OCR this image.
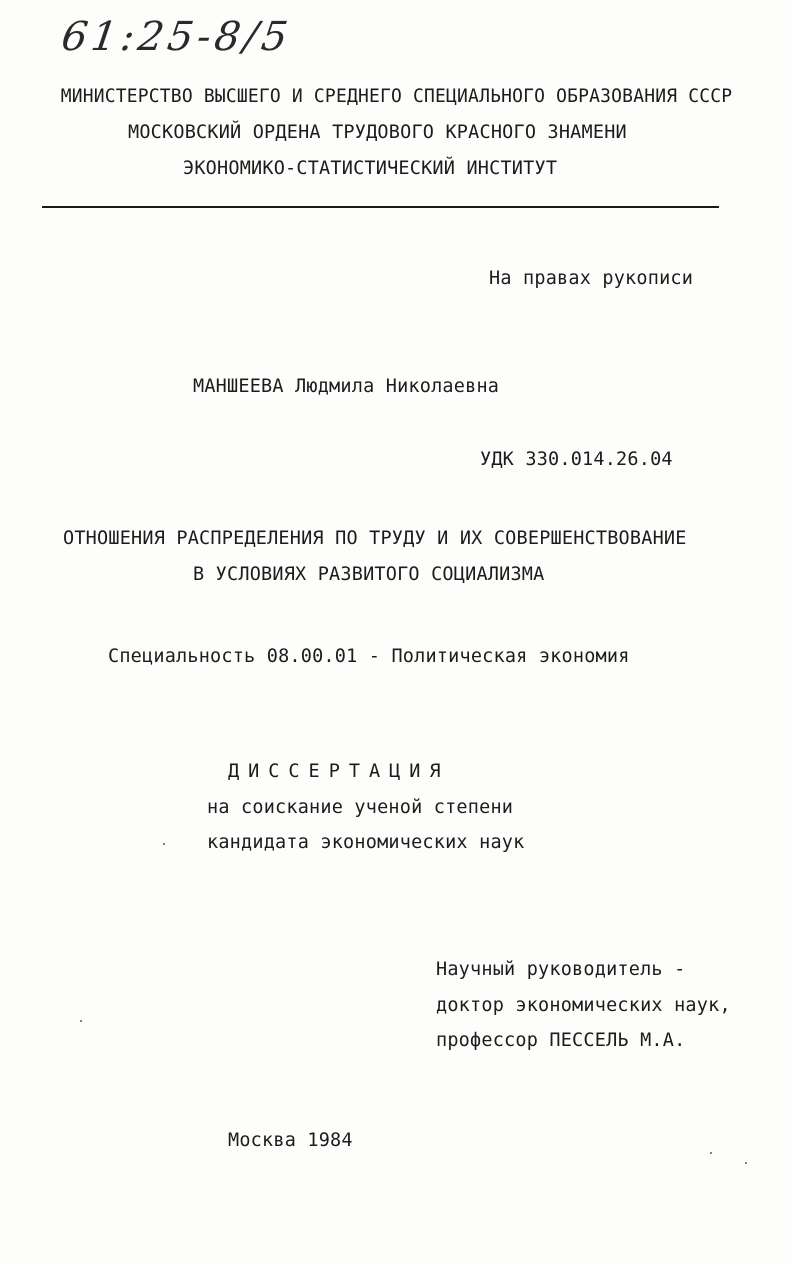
61:25-8/5
МИНИСТЕРСТВО ВЫСШЕГО И СРЕДНЕГО СПЕЦИАЛЬНОГО ОБРАЗОВАНИЯ СССР
МОСКОВСКИЙ ОРДЕНА ТРУДОВОГО КРАСНОГО ЗНАМЕНИ
ЭКОНОМИКО-СТАТИСТИЧЕСКИЙ ИНСТИТУТ
На правах рукописи
МАНШЕЕВА Людмила Николаевна
УДК 330.014.26.04
ОТНОШЕНИЯ РАСПРЕДЕЛЕНИЯ ПО ТРУДУ И ИХ СОВЕРШЕНСТВОВАНИЕ
В УСЛОВИЯХ РАЗВИТОГО СОЦИАЛИЗМА
Специальность 08.00.01 - Политическая экономия
ДИССЕРТАЦИЯ
на соискание ученой степени
кандидата экономических наук
Научный руководитель -
доктор экономических наук,
профессор ПЕССЕЛЬ М.А.
Москва 1984
